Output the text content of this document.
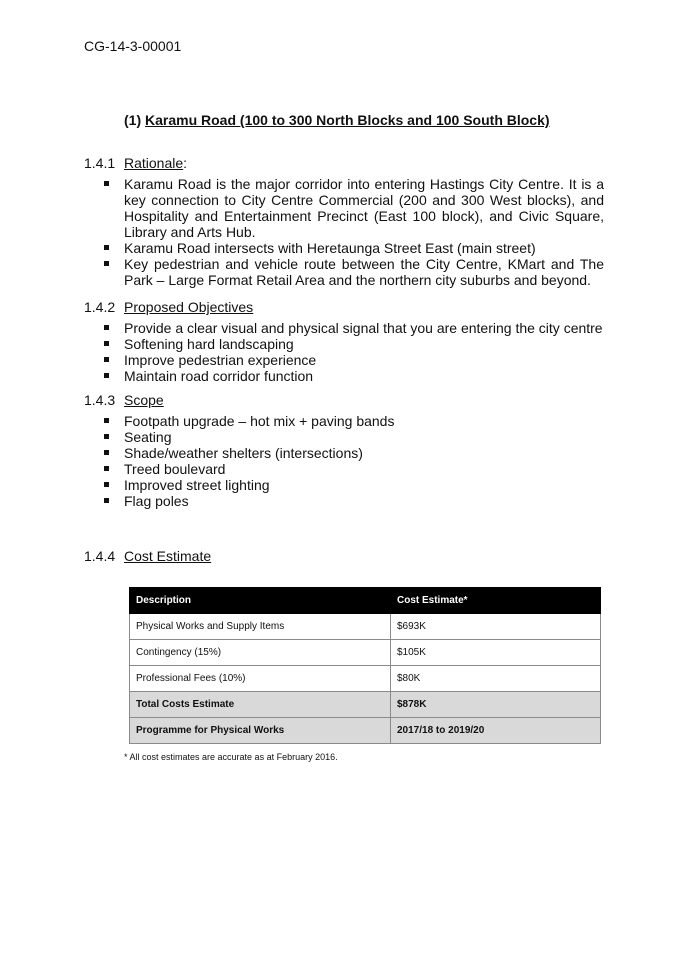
CG-14-3-00001
(1) Karamu Road (100 to 300 North Blocks and 100 South Block)
1.4.1 Rationale:
Karamu Road is the major corridor into entering Hastings City Centre. It is a key connection to City Centre Commercial (200 and 300 West blocks), and Hospitality and Entertainment Precinct (East 100 block), and Civic Square, Library and Arts Hub.
Karamu Road intersects with Heretaunga Street East (main street)
Key pedestrian and vehicle route between the City Centre, KMart and The Park – Large Format Retail Area and the northern city suburbs and beyond.
1.4.2 Proposed Objectives
Provide a clear visual and physical signal that you are entering the city centre
Softening hard landscaping
Improve pedestrian experience
Maintain road corridor function
1.4.3 Scope
Footpath upgrade – hot mix + paving bands
Seating
Shade/weather shelters (intersections)
Treed boulevard
Improved street lighting
Flag poles
1.4.4 Cost Estimate
Description	Cost Estimate*
Physical Works and Supply Items	$693K
Contingency (15%)	$105K
Professional Fees (10%)	$80K
Total Costs Estimate	$878K
Programme for Physical Works	2017/18 to 2019/20
* All cost estimates are accurate as at February 2016.
